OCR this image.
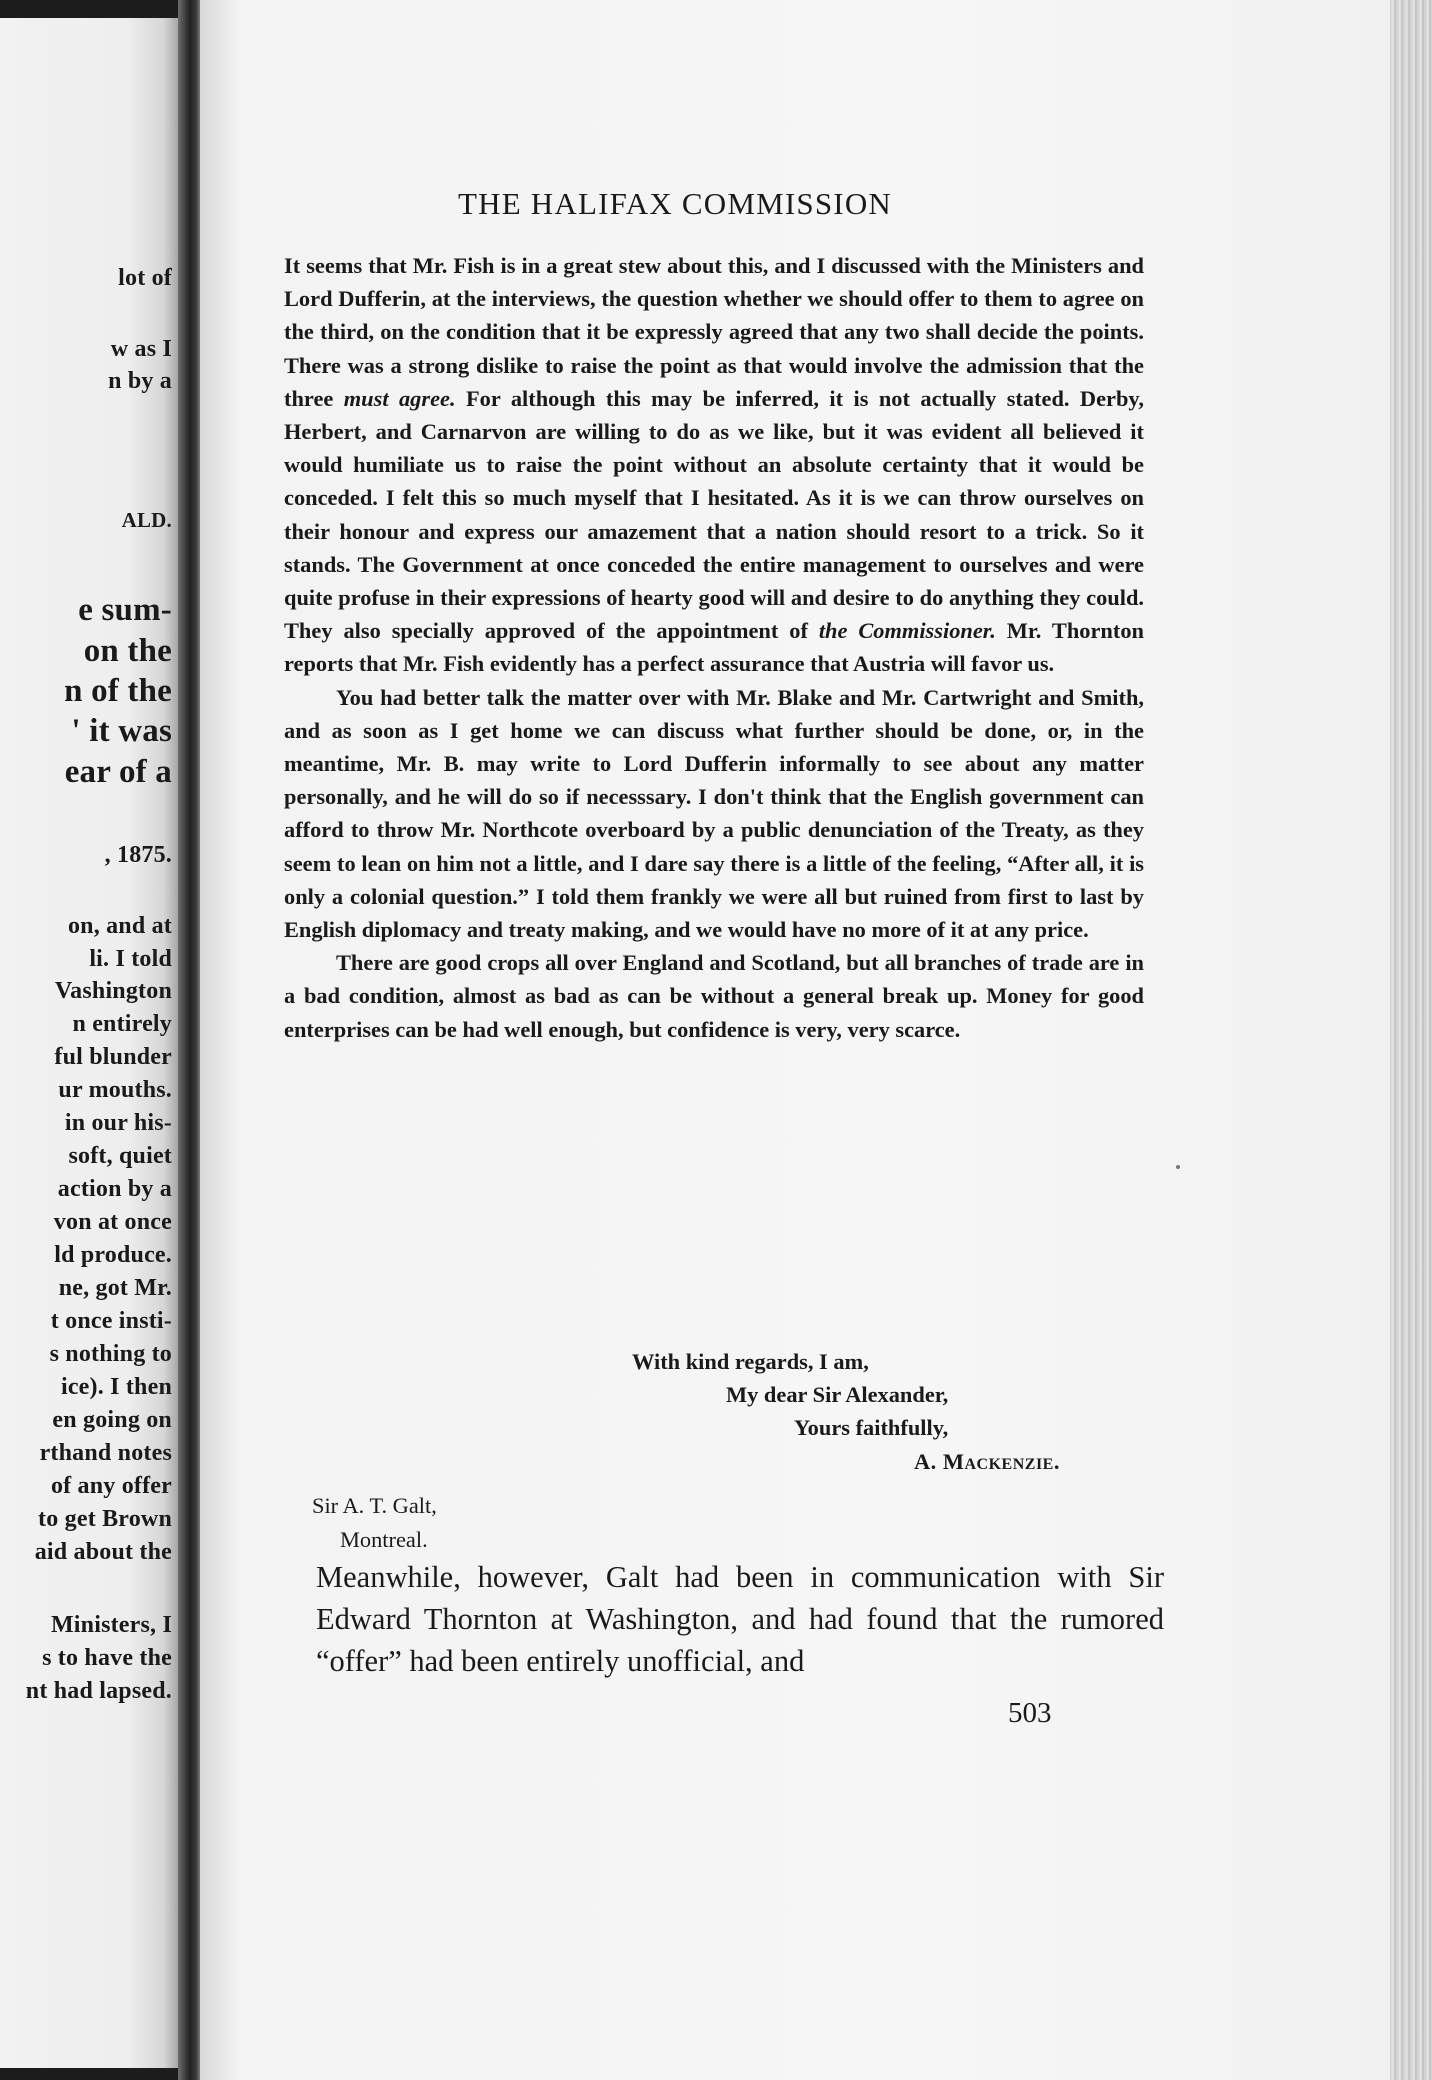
lot of
w as I
n by a
ALD.
e sum-
on the
n of the
' it was
ear of a
, 1875.
on, and at
li. I told
Vashington
n entirely
ful blunder
ur mouths.
in our his-
soft, quiet
action by a
von at once
ld produce.
ne, got Mr.
t once insti-
s nothing to
ice). I then
en going on
rthand notes
of any offer
to get Brown
aid about the
Ministers, I
s to have the
nt had lapsed.
THE HALIFAX COMMISSION

It seems that Mr. Fish is in a great stew about this, and I discussed with the Ministers and Lord Dufferin, at the interviews, the question whether we should offer to them to agree on the third, on the condition that it be expressly agreed that any two shall decide the points. There was a strong dislike to raise the point as that would involve the admission that the three must agree. For although this may be inferred, it is not actually stated. Derby, Herbert, and Carnarvon are willing to do as we like, but it was evident all believed it would humiliate us to raise the point without an absolute certainty that it would be conceded. I felt this so much myself that I hesitated. As it is we can throw ourselves on their honour and express our amazement that a nation should resort to a trick. So it stands. The Government at once conceded the entire management to ourselves and were quite profuse in their expressions of hearty good will and desire to do anything they could. They also specially approved of the appointment of the Commissioner. Mr. Thornton reports that Mr. Fish evidently has a perfect assurance that Austria will favor us.

You had better talk the matter over with Mr. Blake and Mr. Cartwright and Smith, and as soon as I get home we can discuss what further should be done, or, in the meantime, Mr. B. may write to Lord Dufferin informally to see about any matter personally, and he will do so if necesssary. I don't think that the English government can afford to throw Mr. Northcote overboard by a public denunciation of the Treaty, as they seem to lean on him not a little, and I dare say there is a little of the feeling, “After all, it is only a colonial question.” I told them frankly we were all but ruined from first to last by English diplomacy and treaty making, and we would have no more of it at any price.

There are good crops all over England and Scotland, but all branches of trade are in a bad condition, almost as bad as can be without a general break up. Money for good enterprises can be had well enough, but confidence is very, very scarce.

With kind regards, I am,
My dear Sir Alexander,
Yours faithfully,
A. Mackenzie.
Sir A. T. Galt,
Montreal.

Meanwhile, however, Galt had been in communication with Sir Edward Thornton at Washington, and had found that the rumored “offer” had been entirely unofficial, and

503
